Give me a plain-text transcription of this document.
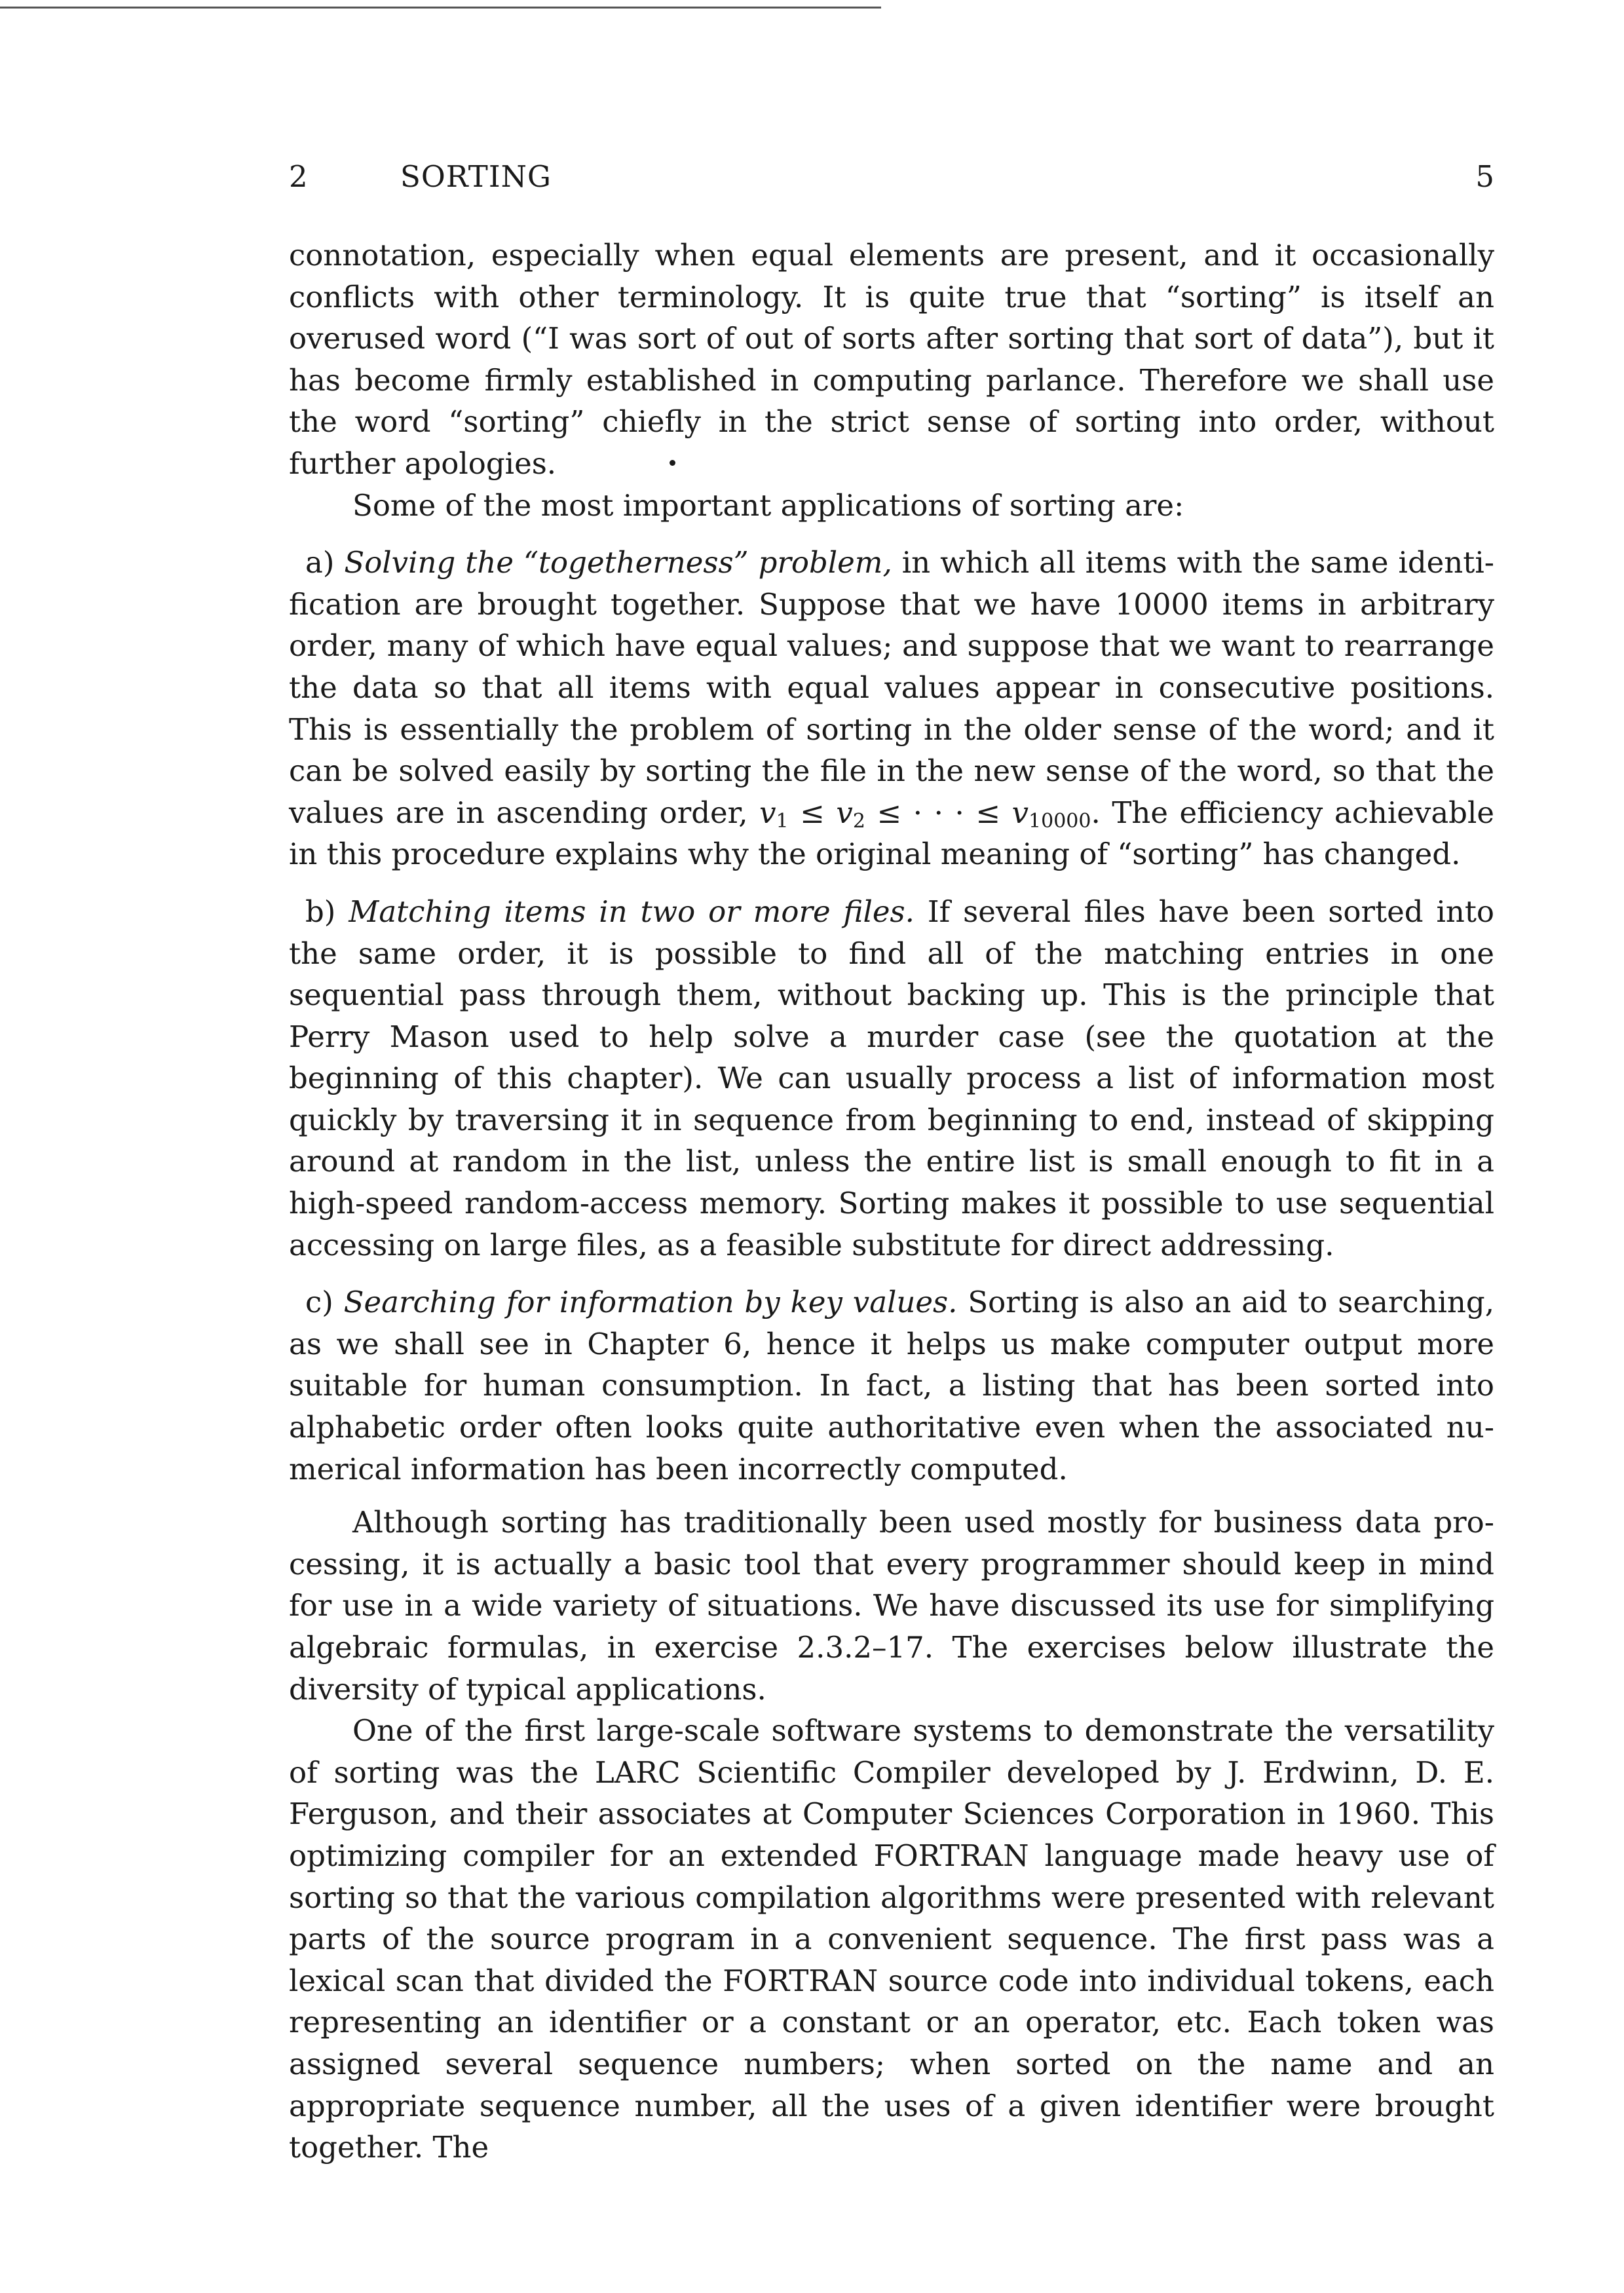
2	SORTING	5

connotation, especially when equal elements are present, and it occasionally conflicts with other terminology. It is quite true that “sorting” is itself an overused word (“I was sort of out of sorts after sorting that sort of data”), but it has become firmly established in computing parlance. Therefore we shall use the word “sorting” chiefly in the strict sense of sorting into order, without further apologies.

Some of the most important applications of sorting are:

a) Solving the “togetherness” problem, in which all items with the same identification are brought together. Suppose that we have 10000 items in arbitrary order, many of which have equal values; and suppose that we want to rearrange the data so that all items with equal values appear in consecutive positions. This is essentially the problem of sorting in the older sense of the word; and it can be solved easily by sorting the file in the new sense of the word, so that the values are in ascending order, $v_1 \le v_2$ ≤ · · · ≤ $v_{10000}$. The efficiency achievable in this procedure explains why the original meaning of “sorting” has changed.

b) Matching items in two or more files. If several files have been sorted into the same order, it is possible to find all of the matching entries in one sequential pass through them, without backing up. This is the principle that Perry Mason used to help solve a murder case (see the quotation at the beginning of this chapter). We can usually process a list of information most quickly by traversing it in sequence from beginning to end, instead of skipping around at random in the list, unless the entire list is small enough to fit in a high-speed random-access memory. Sorting makes it possible to use sequential accessing on large files, as a feasible substitute for direct addressing.

c) Searching for information by key values. Sorting is also an aid to searching, as we shall see in Chapter 6, hence it helps us make computer output more suitable for human consumption. In fact, a listing that has been sorted into alphabetic order often looks quite authoritative even when the associated numerical information has been incorrectly computed.

Although sorting has traditionally been used mostly for business data processing, it is actually a basic tool that every programmer should keep in mind for use in a wide variety of situations. We have discussed its use for simplifying algebraic formulas, in exercise 2.3.2–17. The exercises below illustrate the diversity of typical applications.

One of the first large-scale software systems to demonstrate the versatility of sorting was the LARC Scientific Compiler developed by J. Erdwinn, D. E. Ferguson, and their associates at Computer Sciences Corporation in 1960. This optimizing compiler for an extended FORTRAN language made heavy use of sorting so that the various compilation algorithms were presented with relevant parts of the source program in a convenient sequence. The first pass was a lexical scan that divided the FORTRAN source code into individual tokens, each representing an identifier or a constant or an operator, etc. Each token was assigned several sequence numbers; when sorted on the name and an appropriate sequence number, all the uses of a given identifier were brought together. The
